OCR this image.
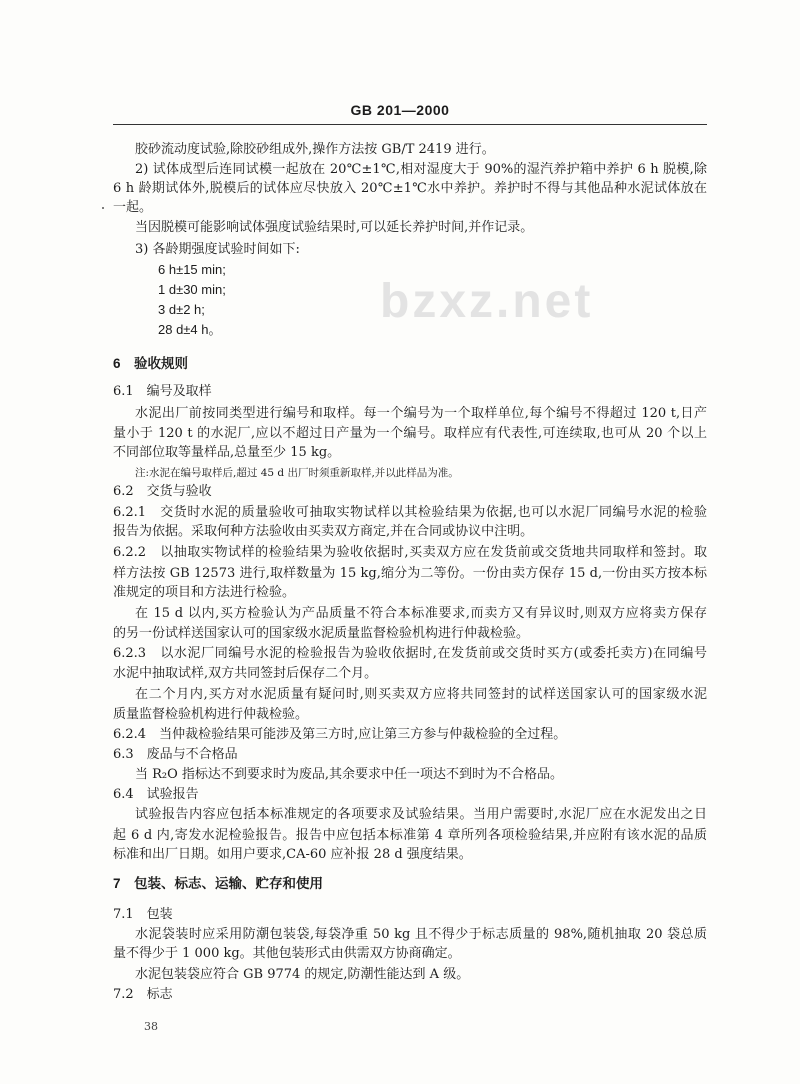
bzxz.net
GB 201—2000
胶砂流动度试验,除胶砂组成外,操作方法按 GB/T 2419 进行。
2) 试体成型后连同试模一起放在 20℃±1℃,相对湿度大于 90%的湿汽养护箱中养护 6 h 脱模,除
6 h 龄期试体外,脱模后的试体应尽快放入 20℃±1℃水中养护。养护时不得与其他品种水泥试体放在
一起。
当因脱模可能影响试体强度试验结果时,可以延长养护时间,并作记录。
3) 各龄期强度试验时间如下:
6 h±15 min;
1 d±30 min;
3 d±2 h;
28 d±4 h。
6　验收规则
6.1　编号及取样
水泥出厂前按同类型进行编号和取样。每一个编号为一个取样单位,每个编号不得超过 120 t,日产
量小于 120 t 的水泥厂,应以不超过日产量为一个编号。取样应有代表性,可连续取,也可从 20 个以上
不同部位取等量样品,总量至少 15 kg。
注:水泥在编号取样后,超过 45 d 出厂时须重新取样,并以此样品为准。
6.2　交货与验收
6.2.1　交货时水泥的质量验收可抽取实物试样以其检验结果为依据,也可以水泥厂同编号水泥的检验
报告为依据。采取何种方法验收由买卖双方商定,并在合同或协议中注明。
6.2.2　以抽取实物试样的检验结果为验收依据时,买卖双方应在发货前或交货地共同取样和签封。取
样方法按 GB 12573 进行,取样数量为 15 kg,缩分为二等份。一份由卖方保存 15 d,一份由买方按本标
准规定的项目和方法进行检验。
在 15 d 以内,买方检验认为产品质量不符合本标准要求,而卖方又有异议时,则双方应将卖方保存
的另一份试样送国家认可的国家级水泥质量监督检验机构进行仲裁检验。
6.2.3　以水泥厂同编号水泥的检验报告为验收依据时,在发货前或交货时买方(或委托卖方)在同编号
水泥中抽取试样,双方共同签封后保存二个月。
在二个月内,买方对水泥质量有疑问时,则买卖双方应将共同签封的试样送国家认可的国家级水泥
质量监督检验机构进行仲裁检验。
6.2.4　当仲裁检验结果可能涉及第三方时,应让第三方参与仲裁检验的全过程。
6.3　废品与不合格品
当 R₂O 指标达不到要求时为废品,其余要求中任一项达不到时为不合格品。
6.4　试验报告
试验报告内容应包括本标准规定的各项要求及试验结果。当用户需要时,水泥厂应在水泥发出之日
起 6 d 内,寄发水泥检验报告。报告中应包括本标准第 4 章所列各项检验结果,并应附有该水泥的品质
标准和出厂日期。如用户要求,CA-60 应补报 28 d 强度结果。
7　包装、标志、运输、贮存和使用
7.1　包装
水泥袋装时应采用防潮包装袋,每袋净重 50 kg 且不得少于标志质量的 98%,随机抽取 20 袋总质
量不得少于 1 000 kg。其他包装形式由供需双方协商确定。
水泥包装袋应符合 GB 9774 的规定,防潮性能达到 A 级。
7.2　标志
38
